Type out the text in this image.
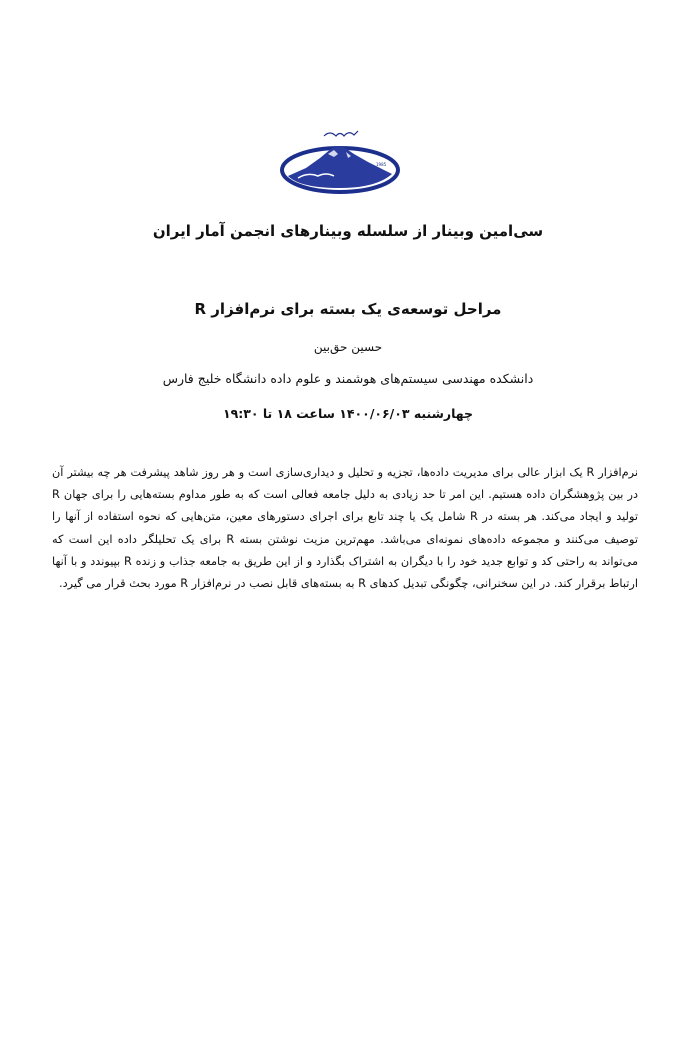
1985
سی‌امین وبینار از سلسله وبینارهای انجمن آمار ایران
مراحل توسعه‌ی یک بسته برای نرم‌افزار R
حسین حق‌بین
دانشکده مهندسی سیستم‌های هوشمند و علوم داده دانشگاه خلیج فارس
چهارشنبه ۱۴۰۰/۰۶/۰۳ ساعت ۱۸ تا ۱۹:۳۰

نرم‌افزار R یک ابزار عالی برای مدیریت داده‌ها، تجزیه و تحلیل و دیداری‌سازی است و هر روز شاهد پیشرفت هر چه بیشتر آن در بین پژوهشگران داده هستیم. این امر تا حد زیادی به دلیل جامعه فعالی است که به طور مداوم بسته‌هایی را برای جهان R تولید و ایجاد می‌کند. هر بسته در R شامل یک یا چند تابع برای اجرای دستورهای معین، متن‌هایی که نحوه استفاده از آنها را توصیف می‌کنند و مجموعه داده‌های نمونه‌ای می‌باشد. مهم‌ترین مزیت نوشتن بسته R برای یک تحلیلگر داده این است که می‌تواند به راحتی کد و توابع جدید خود را با دیگران به اشتراک بگذارد و از این طریق به جامعه جذاب و زنده R بپیوندد و با آنها ارتباط برقرار کند. در این سخنرانی، چگونگی تبدیل کدهای R به بسته‌های قابل نصب در نرم‌افزار R مورد بحث قرار می گیرد.
